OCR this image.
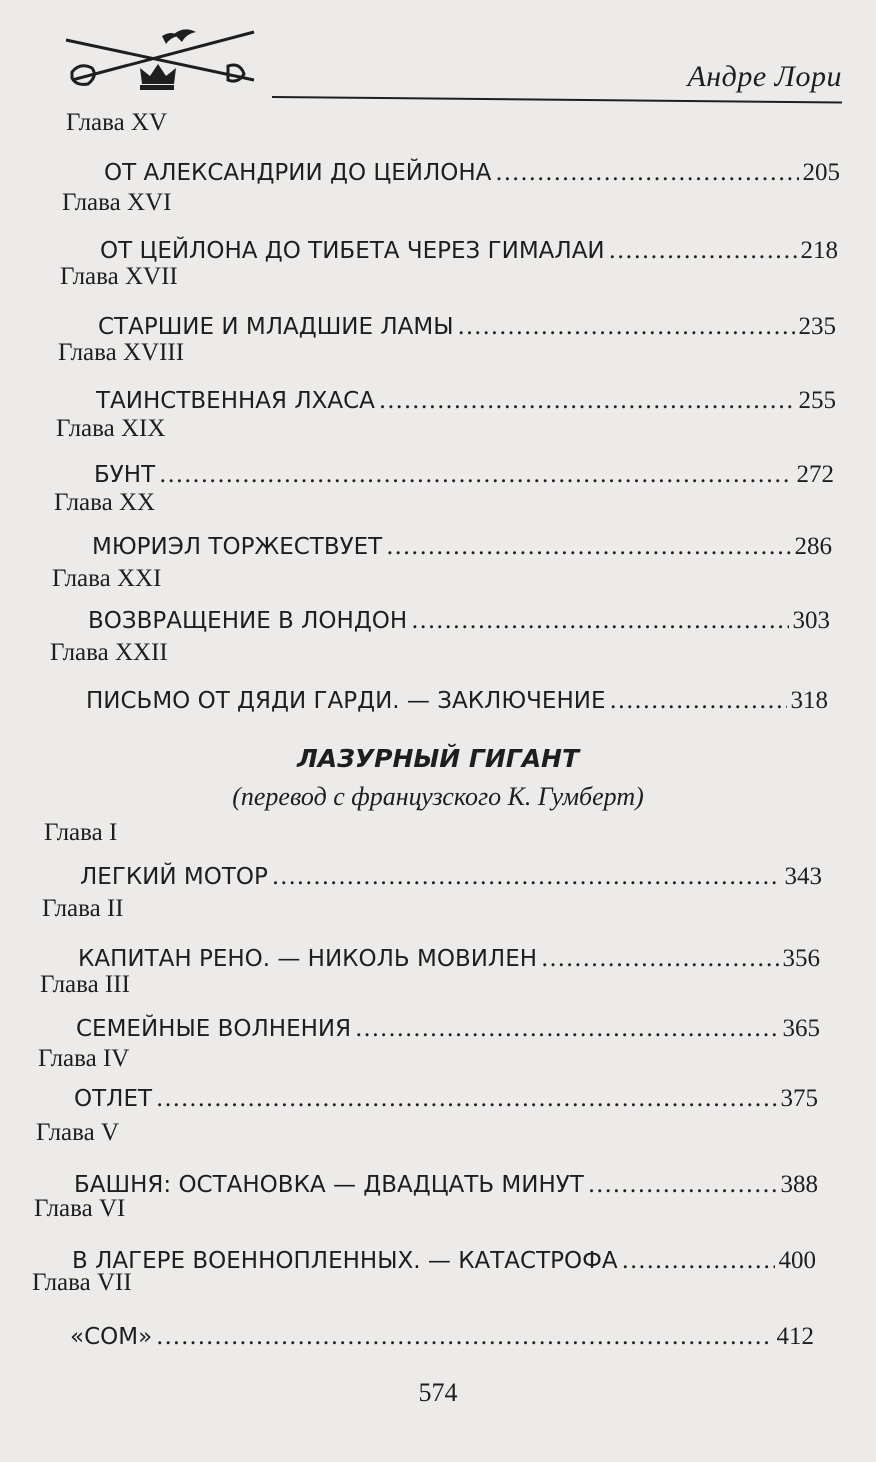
Андре Лори
Глава XV
ОТ АЛЕКСАНДРИИ ДО ЦЕЙЛОНА .....	205
Глава XVI
ОТ ЦЕЙЛОНА ДО ТИБЕТА ЧЕРЕЗ ГИМАЛАИ .....	218
Глава XVII
СТАРШИЕ И МЛАДШИЕ ЛАМЫ .....	235
Глава XVIII
ТАИНСТВЕННАЯ ЛХАСА .....	255
Глава XIX
БУНТ .....	272
Глава XX
МЮРИЭЛ ТОРЖЕСТВУЕТ .....	286
Глава XXI
ВОЗВРАЩЕНИЕ В ЛОНДОН .....	303
Глава XXII
ПИСЬМО ОТ ДЯДИ ГАРДИ. — ЗАКЛЮЧЕНИЕ .....	318
ЛАЗУРНЫЙ ГИГАНТ
(перевод с французского К. Гумберт)
Глава I
ЛЕГКИЙ МОТОР .....	343
Глава II
КАПИТАН РЕНО. — НИКОЛЬ МОВИЛЕН .....	356
Глава III
СЕМЕЙНЫЕ ВОЛНЕНИЯ .....	365
Глава IV
ОТЛЕТ .....	375
Глава V
БАШНЯ: ОСТАНОВКА — ДВАДЦАТЬ МИНУТ .....	388
Глава VI
В ЛАГЕРЕ ВОЕННОПЛЕННЫХ. — КАТАСТРОФА .....	400
Глава VII
«СОМ» .....	412
574
